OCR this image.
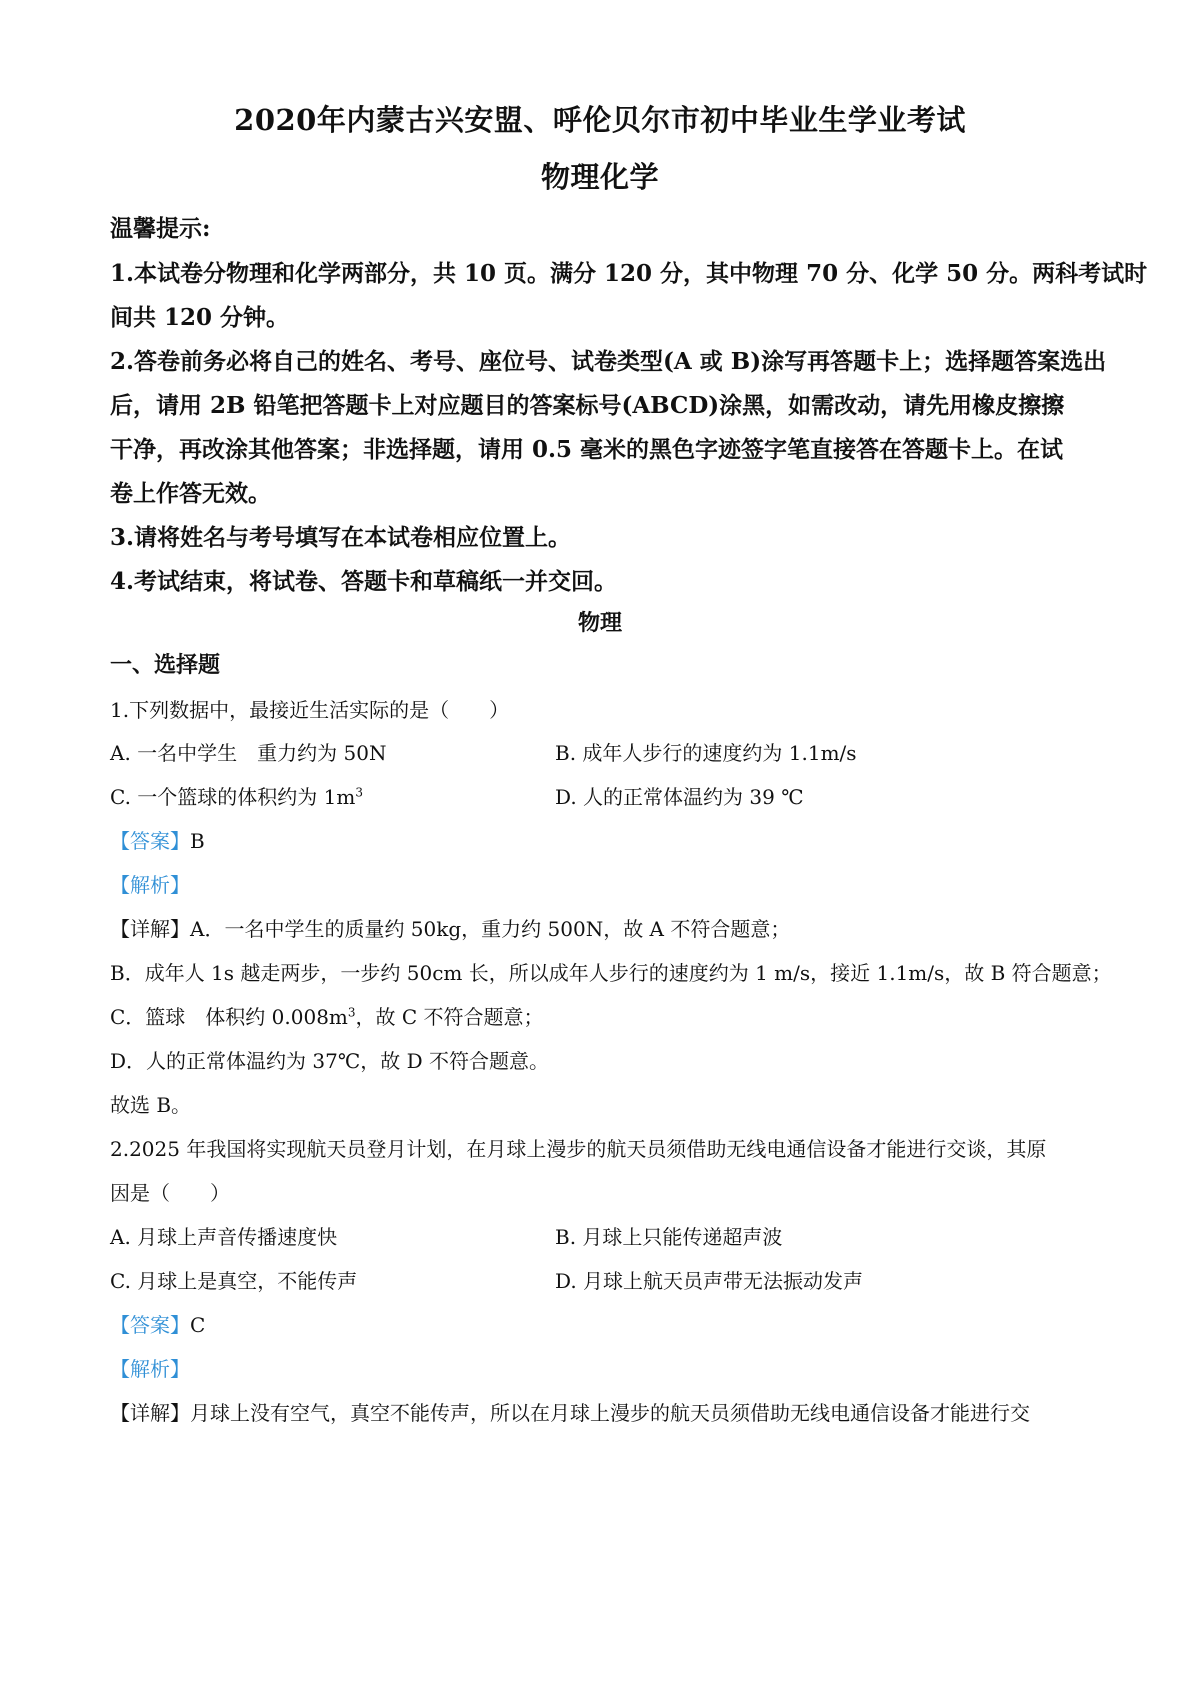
2020年内蒙古兴安盟、呼伦贝尔市初中毕业生学业考试
物理化学
温馨提示:
1.本试卷分物理和化学两部分，共 10 页。满分 120 分，其中物理 70 分、化学 50 分。两科考试时
间共 120 分钟。
2.答卷前务必将自己的姓名、考号、座位号、试卷类型(A 或 B)涂写再答题卡上；选择题答案选出
后，请用 2B 铅笔把答题卡上对应题目的答案标号(ABCD)涂黑，如需改动，请先用橡皮擦擦
干净，再改涂其他答案；非选择题，请用 0.5 毫米的黑色字迹签字笔直接答在答题卡上。在试
卷上作答无效。
3.请将姓名与考号填写在本试卷相应位置上。
4.考试结束，将试卷、答题卡和草稿纸一并交回。
物理
一、选择题
1.下列数据中，最接近生活实际的是（　　）
A. 一名中学生　重力约为 50N	B. 成年人步行的速度约为 1.1m/s
C. 一个篮球的体积约为 $1m^3$	D. 人的正常体温约为 39 ℃
【答案】B
【解析】
【详解】A．一名中学生的质量约 50kg，重力约 500N，故 A 不符合题意；
B．成年人 1s 越走两步，一步约 50cm 长，所以成年人步行的速度约为 1 m/s，接近 1.1m/s，故 B 符合题意；
C．篮球　体积约 $0.008m^3$，故 C 不符合题意；
D．人的正常体温约为 37℃，故 D 不符合题意。
故选 B。
2.2025 年我国将实现航天员登月计划，在月球上漫步的航天员须借助无线电通信设备才能进行交谈，其原
因是（　　）
A. 月球上声音传播速度快	B. 月球上只能传递超声波
C. 月球上是真空，不能传声	D. 月球上航天员声带无法振动发声
【答案】C
【解析】
【详解】月球上没有空气，真空不能传声，所以在月球上漫步的航天员须借助无线电通信设备才能进行交
